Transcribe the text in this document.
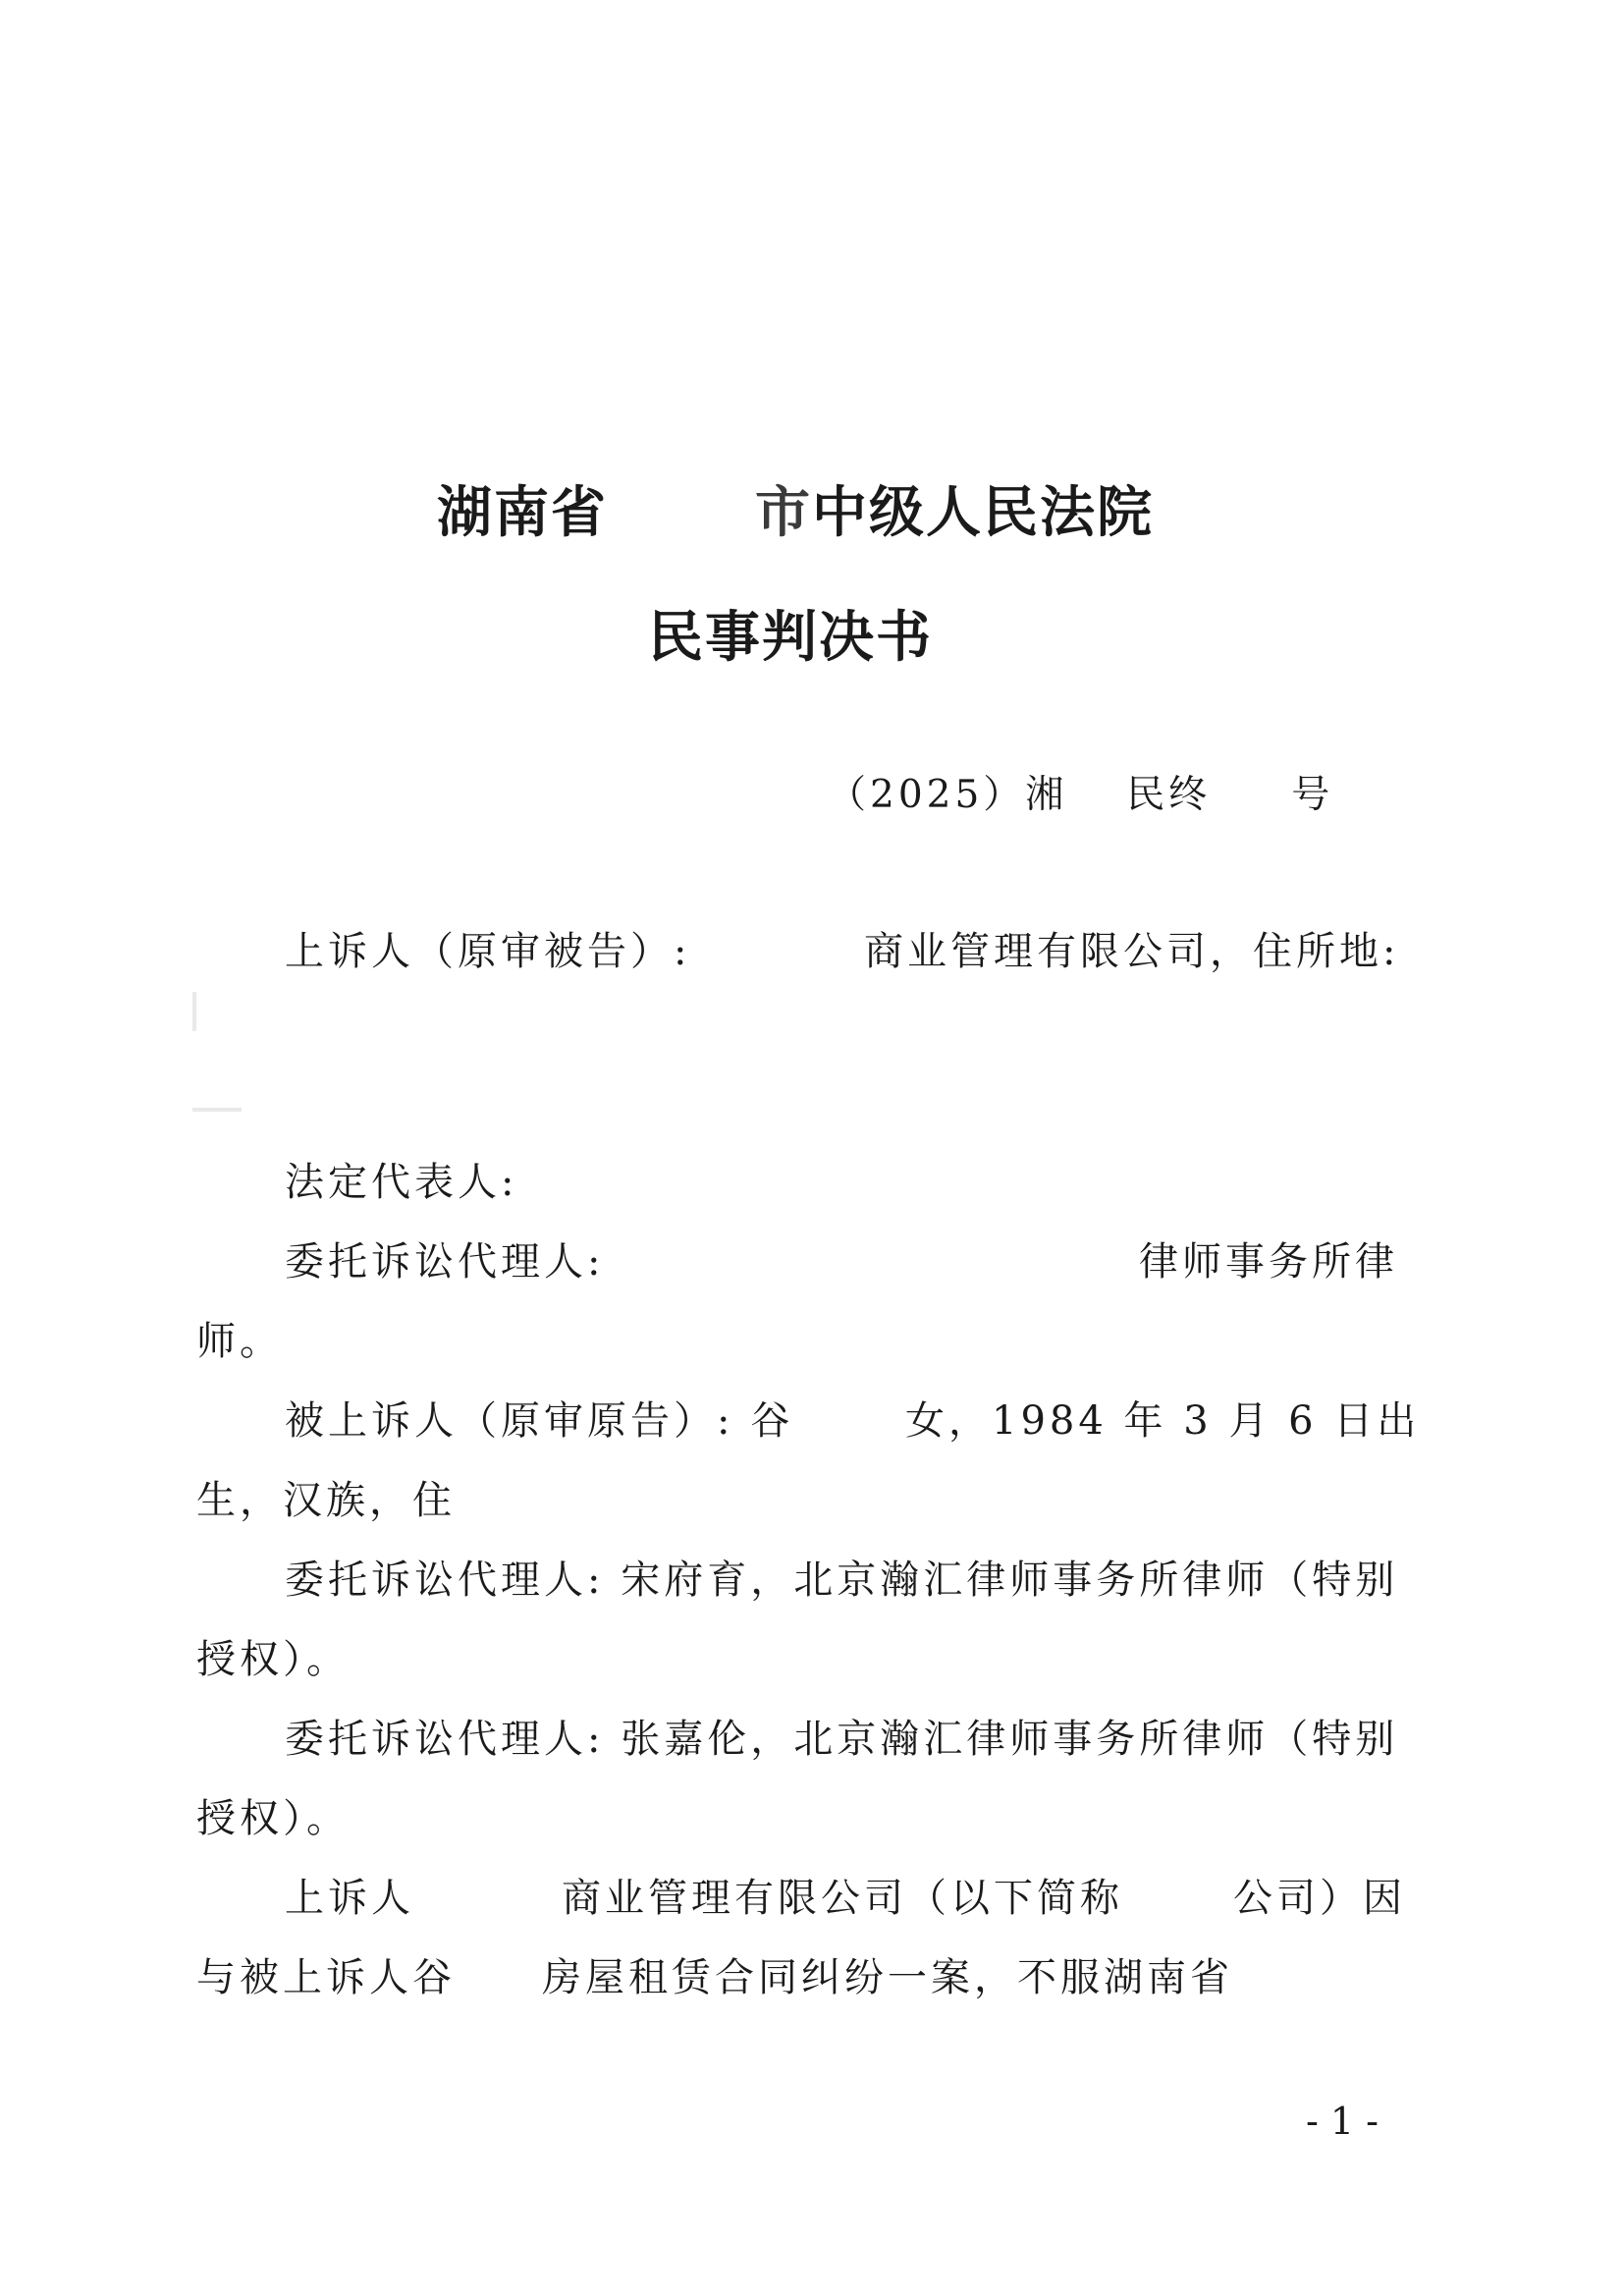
湖南省	市中级人民法院
民事判决书
（2025）湘 民终 号
上诉人（原审被告）:	商业管理有限公司，住所地:
法定代表人:
委托诉讼代理人:	律师事务所律
师。
被上诉人（原审原告）: 谷	女，1984 年 3 月 6 日出
生，汉族，住
委托诉讼代理人: 宋府育，北京瀚汇律师事务所律师（特别
授权）。
委托诉讼代理人: 张嘉伦，北京瀚汇律师事务所律师（特别
授权）。
上诉人	商业管理有限公司（以下简称	公司）因
与被上诉人谷 房屋租赁合同纠纷一案，不服湖南省
- 1 -
